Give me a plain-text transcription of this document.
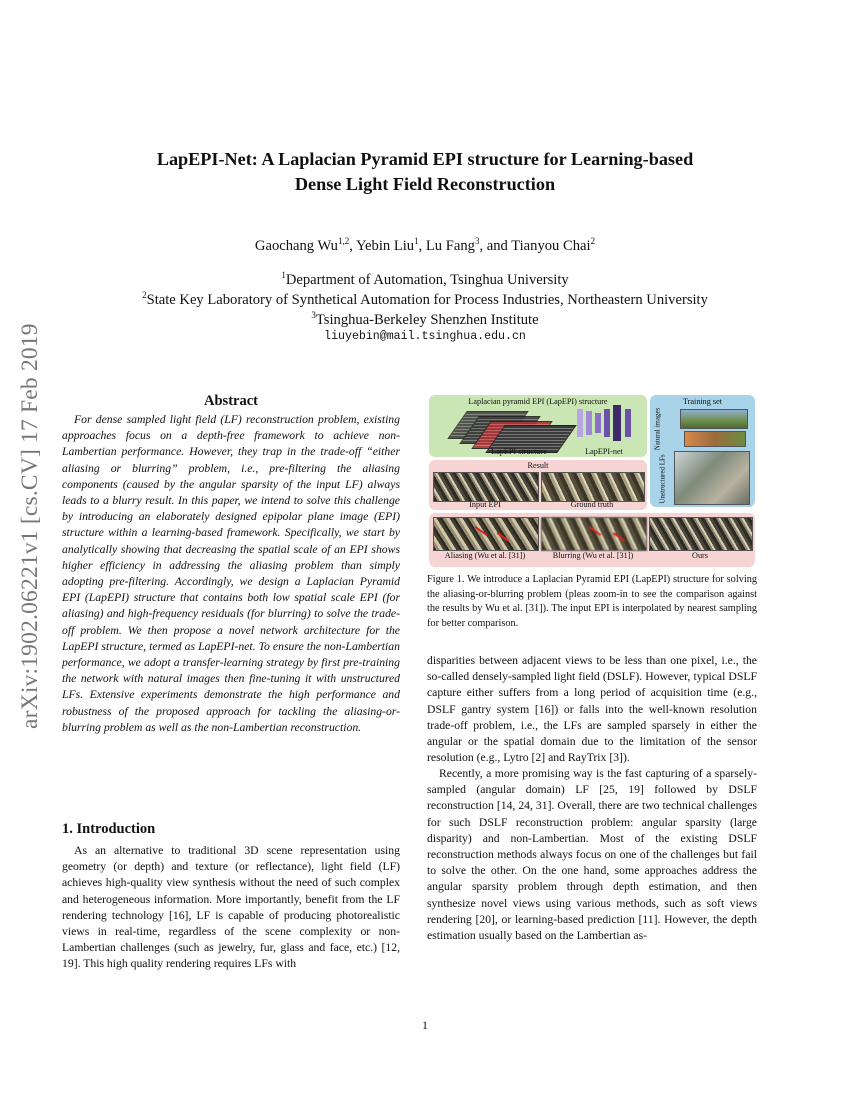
arXiv:1902.06221v1 [cs.CV] 17 Feb 2019
LapEPI-Net: A Laplacian Pyramid EPI structure for Learning-based
Dense Light Field Reconstruction
Gaochang Wu$^{1,2}$, Yebin Liu$^1$, Lu Fang$^3$, and Tianyou Chai$^2$
$^1$Department of Automation, Tsinghua University
$^2$State Key Laboratory of Synthetical Automation for Process Industries, Northeastern University
$^3$Tsinghua-Berkeley Shenzhen Institute
liuyebin@mail.tsinghua.edu.cn
Abstract

For dense sampled light field (LF) reconstruction problem, existing approaches focus on a depth-free framework to achieve non-Lambertian performance. However, they trap in the trade-off “either aliasing or blurring” problem, i.e., pre-filtering the aliasing components (caused by the angular sparsity of the input LF) always leads to a blurry result. In this paper, we intend to solve this challenge by introducing an elaborately designed epipolar plane image (EPI) structure within a learning-based framework. Specifically, we start by analytically showing that decreasing the spatial scale of an EPI shows higher efficiency in addressing the aliasing problem than simply adopting pre-filtering. Accordingly, we design a Laplacian Pyramid EPI (LapEPI) structure that contains both low spatial scale EPI (for aliasing) and high-frequency residuals (for blurring) to solve the trade-off problem. We then propose a novel network architecture for the LapEPI structure, termed as LapEPI-net. To ensure the non-Lambertian performance, we adopt a transfer-learning strategy by first pre-training the network with natural images then fine-tuning it with unstructured LFs. Extensive experiments demonstrate the high performance and robustness of the proposed approach for tackling the aliasing-or-blurring problem as well as the non-Lambertian reconstruction.

1. Introduction

As an alternative to traditional 3D scene representation using geometry (or depth) and texture (or reflectance), light field (LF) achieves high-quality view synthesis without the need of such complex and heterogeneous information. More importantly, benefit from the LF rendering technology [16], LF is capable of producing photorealistic views in real-time, regardless of the scene complexity or non-Lambertian challenges (such as jewelry, fur, glass and face, etc.) [12, 19]. This high quality rendering requires LFs with

Laplacian pyramid EPI (LapEPI) structure
LapEPI structure	LapEPI-net
Training set
Natural images
Unstructured LFs
Result
Input EPI	Ground truth
Aliasing (Wu et al. [31])	Blurring (Wu et al. [31])	Ours

Figure 1. We introduce a Laplacian Pyramid EPI (LapEPI) structure for solving the aliasing-or-blurring problem (pleas zoom-in to see the comparison against the results by Wu et al. [31]). The input EPI is interpolated by nearest sampling for better comparison.

disparities between adjacent views to be less than one pixel, i.e., the so-called densely-sampled light field (DSLF). However, typical DSLF capture either suffers from a long period of acquisition time (e.g., DSLF gantry system [16]) or falls into the well-known resolution trade-off problem, i.e., the LFs are sampled sparsely in either the angular or the spatial domain due to the limitation of the sensor resolution (e.g., Lytro [2] and RayTrix [3]).

Recently, a more promising way is the fast capturing of a sparsely-sampled (angular domain) LF [25, 19] followed by DSLF reconstruction [14, 24, 31]. Overall, there are two technical challenges for such DSLF reconstruction problem: angular sparsity (large disparity) and non-Lambertian. Most of the existing DSLF reconstruction methods always focus on one of the challenges but fail to solve the other. On the one hand, some approaches address the angular sparsity problem through depth estimation, and then synthesize novel views using various methods, such as soft views rendering [20], or learning-based prediction [11]. However, the depth estimation usually based on the Lambertian as-

1
